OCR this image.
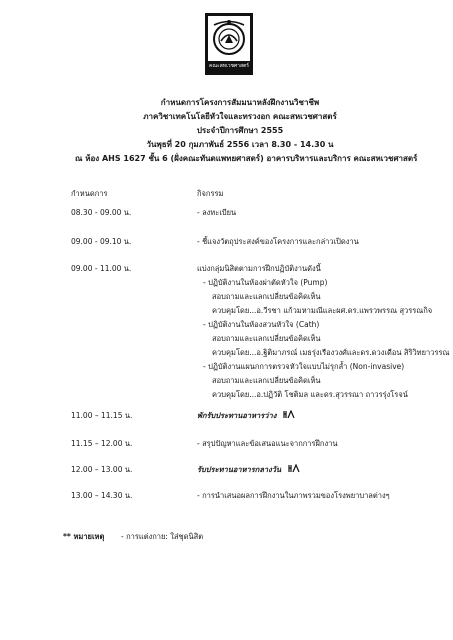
คณะสหเวชศาสตร์
กำหนดการโครงการสัมมนาหลังฝึกงานวิชาชีพ
ภาควิชาเทคโนโลยีหัวใจและทรวงอก คณะสหเวชศาสตร์
ประจำปีการศึกษา 2555
วันพุธที่ 20 กุมภาพันธ์ 2556 เวลา 8.30 - 14.30 น
ณ ห้อง AHS 1627 ชั้น 6 (ฝั่งคณะทันตแพทยศาสตร์) อาคารบริหารและบริการ คณะสหเวชศาสตร์
กำหนดการ	กิจกรรม
08.30 - 09.00 น.	- ลงทะเบียน
09.00 - 09.10 น.	- ชี้แจงวัตถุประสงค์ของโครงการและกล่าวเปิดงาน
09.00 - 11.00 น.	แบ่งกลุ่มนิสิตตามการฝึกปฏิบัติงานดังนี้
- ปฏิบัติงานในห้องผ่าตัดหัวใจ (Pump)
สอบถามและแลกเปลี่ยนข้อคิดเห็น
ควบคุมโดย...อ.วีรชา แก้วมหามณีและผศ.ดร.แพรวพรรณ สุวรรณกิจ
- ปฏิบัติงานในห้องสวนหัวใจ (Cath)
สอบถามและแลกเปลี่ยนข้อคิดเห็น
ควบคุมโดย...อ.ฐิติมาภรณ์ เมธรุ่งเรืองวงศ์และดร.ดวงเดือน สิริวิทยาวรรณ
- ปฏิบัติงานแผนกการตรวจหัวใจแบบไม่รุกล้ำ (Non-invasive)
สอบถามและแลกเปลี่ยนข้อคิดเห็น
ควบคุมโดย...อ.ปฏิวัติ โชติมล และดร.สุวรรณา ถาวรรุ่งโรจน์
11.00 – 11.15 น.	พักรับประทานอาหารว่าง
11.15 – 12.00 น.	- สรุปปัญหาและข้อเสนอแนะจากการฝึกงาน
12.00 – 13.00 น.	รับประทานอาหารกลางวัน
13.00 – 14.30 น.	- การนำเสนอผลการฝึกงานในภาพรวมของโรงพยาบาลต่างๆ
** หมายเหตุ - การแต่งกาย: ใส่ชุดนิสิต
